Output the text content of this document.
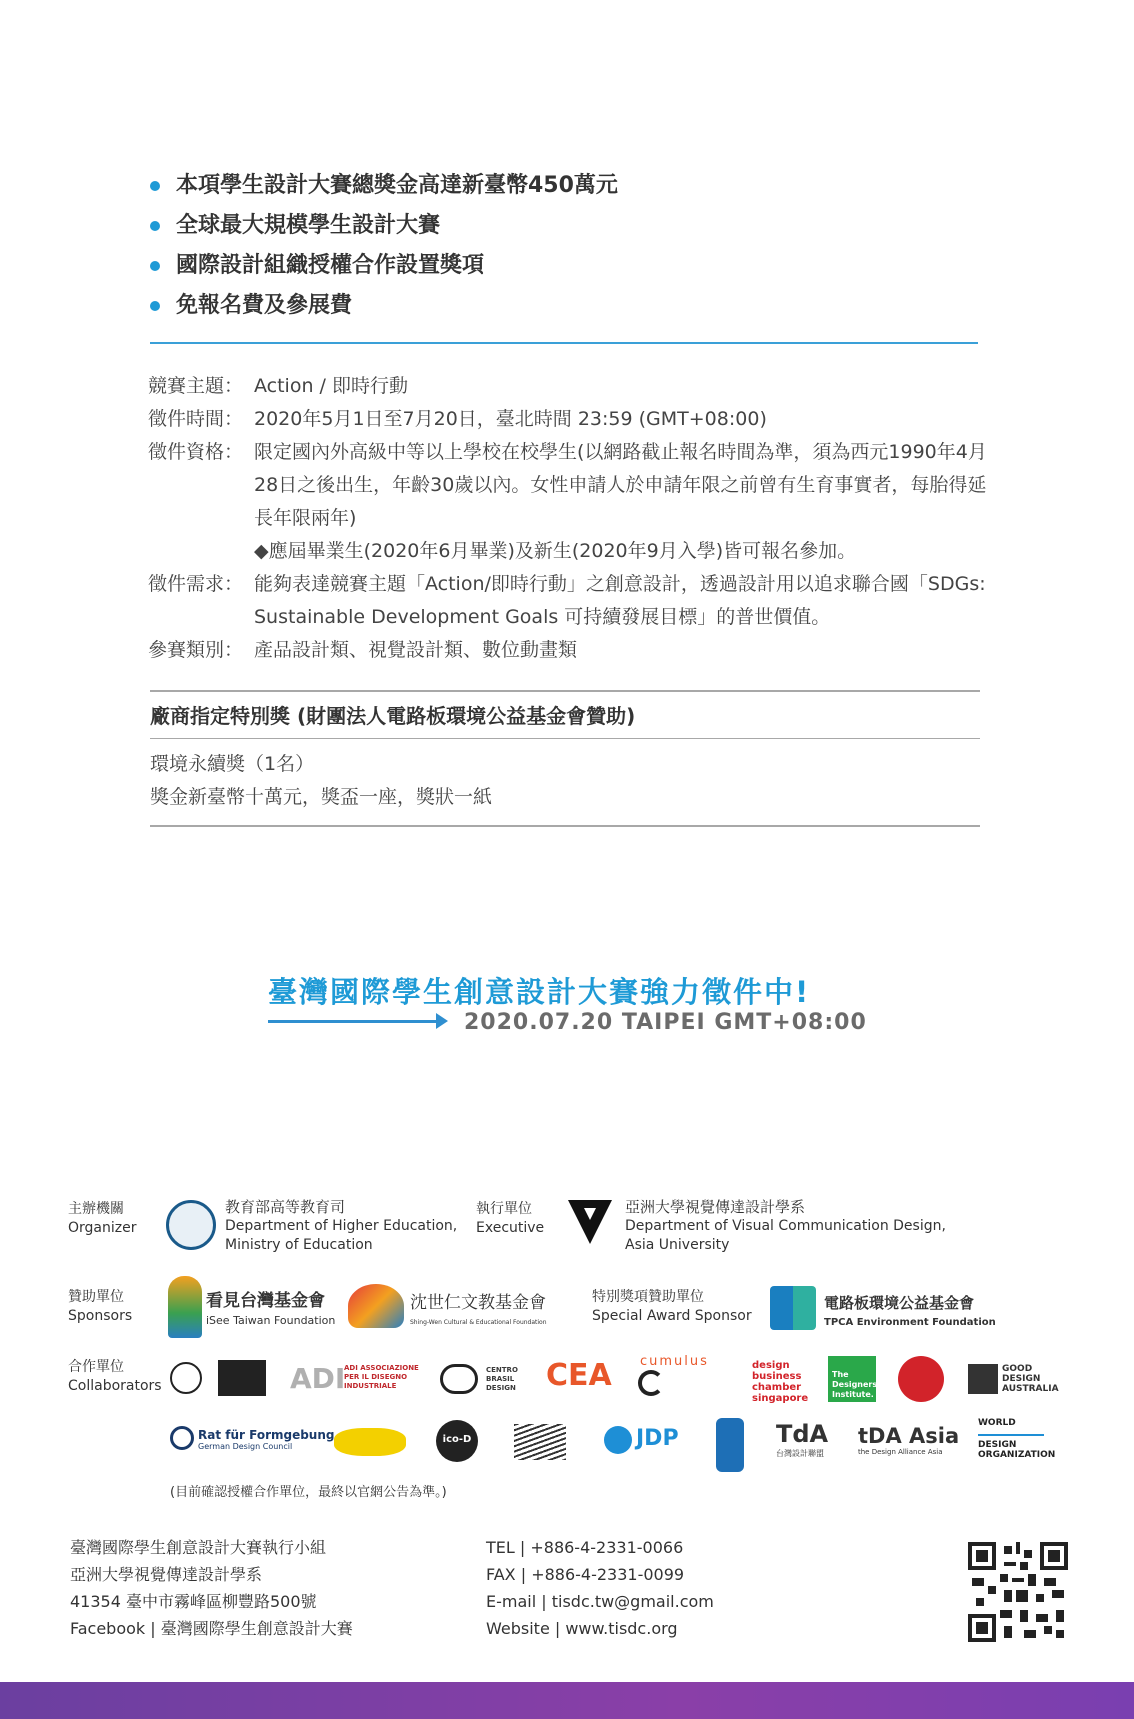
本項學生設計大賽總獎金高達新臺幣450萬元
全球最大規模學生設計大賽
國際設計組織授權合作設置獎項
免報名費及參展費
競賽主題： Action / 即時行動
徵件時間： 2020年5月1日至7月20日，臺北時間 23:59 (GMT+08:00)
徵件資格： 限定國內外高級中等以上學校在校學生(以網路截止報名時間為準，須為西元1990年4月28日之後出生，年齡30歲以內。女性申請人於申請年限之前曾有生育事實者，每胎得延長年限兩年)
◆應屆畢業生(2020年6月畢業)及新生(2020年9月入學)皆可報名參加。
徵件需求： 能夠表達競賽主題「Action/即時行動」之創意設計，透過設計用以追求聯合國「SDGs: Sustainable Development Goals 可持續發展目標」的普世價值。
參賽類別： 產品設計類、視覺設計類、數位動畫類
廠商指定特別獎 (財團法人電路板環境公益基金會贊助)
環境永續獎（1名）
獎金新臺幣十萬元，獎盃一座，獎狀一紙
臺灣國際學生創意設計大賽強力徵件中!
2020.07.20 TAIPEI GMT+08:00
主辦機關
Organizer
教育部高等教育司
Department of Higher Education,
Ministry of Education
執行單位
Executive
亞洲大學視覺傳達設計學系
Department of Visual Communication Design,
Asia University
贊助單位
Sponsors
看見台灣基金會
iSee Taiwan Foundation
沈世仁文教基金會
Shing-Wen Cultural & Educational Foundation
特別獎項贊助單位
Special Award Sponsor
電路板環境公益基金會
TPCA Environment Foundation
合作單位
Collaborators	ADI
ADI ASSOCIAZIONE PER IL DISEGNO INDUSTRIALE
CENTRO BRASIL DESIGN	CEA cumulus	design business chamber singapore
The Designers Institute.
GOOD DESIGN AUSTRALIA
Rat für Formgebung
German Design Council
ico-D	JDP	TdA
台灣設計聯盟
tDA Asia
the Design Alliance Asia
WORLD
DESIGN ORGANIZATION
(目前確認授權合作單位，最終以官網公告為準。)
臺灣國際學生創意設計大賽執行小組
亞洲大學視覺傳達設計學系
41354 臺中市霧峰區柳豐路500號
Facebook | 臺灣國際學生創意設計大賽
TEL | +886-4-2331-0066
FAX | +886-4-2331-0099
E-mail | tisdc.tw@gmail.com
Website | www.tisdc.org
